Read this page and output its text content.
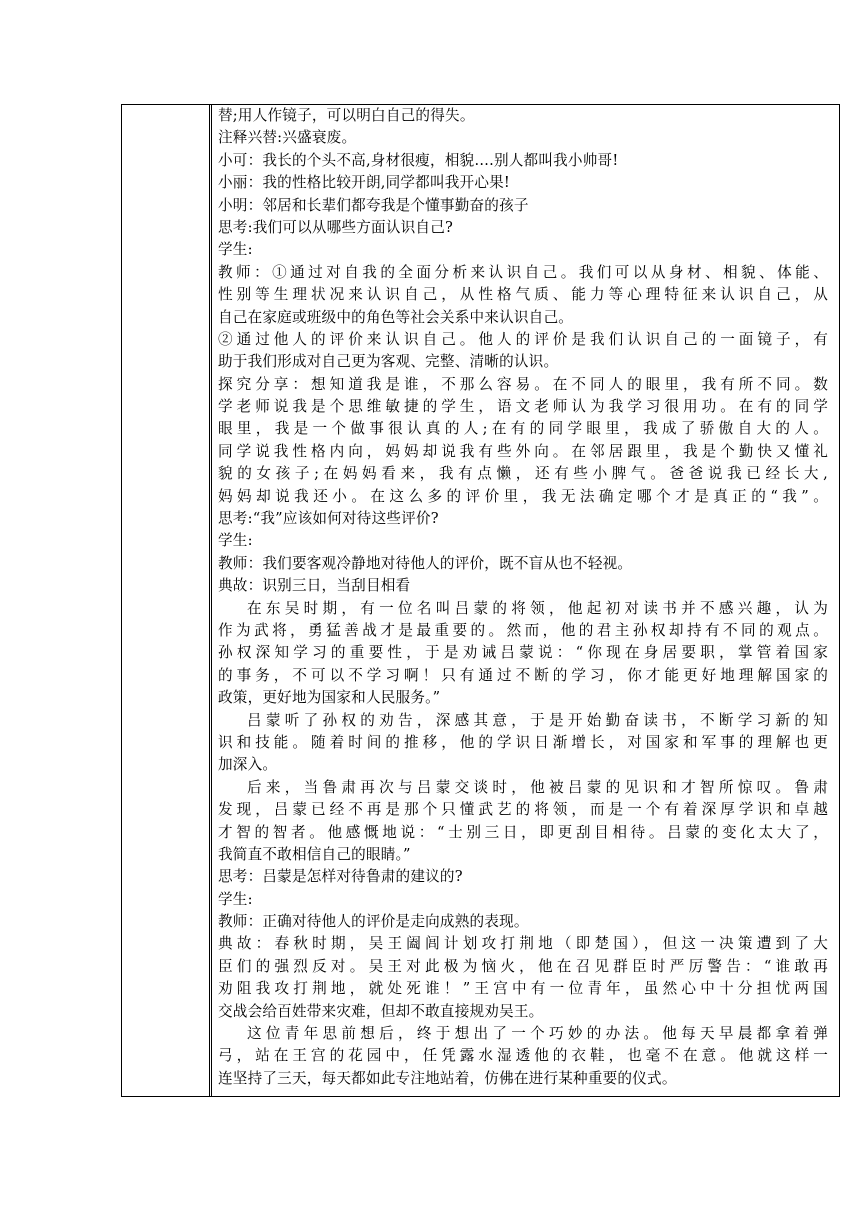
替;用人作镜子，可以明白自己的得失。
注释兴替:兴盛衰废。
小可：我长的个头不高,身材很瘦，相貌….别人都叫我小帅哥!
小丽：我的性格比较开朗,同学都叫我开心果!
小明：邻居和长辈们都夸我是个懂事勤奋的孩子
思考:我们可以从哪些方面认识自己?
学生:
教师：①通过对自我的全面分析来认识自己。我们可以从身材、相貌、体能、
性别等生理状况来认识自己，从性格气质、能力等心理特征来认识自己，从
自己在家庭或班级中的角色等社会关系中来认识自己。
②通过他人的评价来认识自己。他人的评价是我们认识自己的一面镜子，有
助于我们形成对自己更为客观、完整、清晰的认识。
探究分享：想知道我是谁，不那么容易。在不同人的眼里，我有所不同。数
学老师说我是个思维敏捷的学生，语文老师认为我学习很用功。在有的同学
眼里，我是一个做事很认真的人;在有的同学眼里，我成了骄傲自大的人。
同学说我性格内向，妈妈却说我有些外向。在邻居跟里，我是个勤快又懂礼
貌的女孩子;在妈妈看来，我有点懒，还有些小脾气。爸爸说我已经长大,
妈妈却说我还小。在这么多的评价里，我无法确定哪个才是真正的“我”。
思考:“我”应该如何对待这些评价?
学生:
教师：我们要客观冷静地对待他人的评价，既不盲从也不轻视。
典故：识别三日，当刮目相看
在东吴时期，有一位名叫吕蒙的将领，他起初对读书并不感兴趣，认为
作为武将，勇猛善战才是最重要的。然而，他的君主孙权却持有不同的观点。
孙权深知学习的重要性，于是劝诫吕蒙说：“你现在身居要职，掌管着国家
的事务，不可以不学习啊！只有通过不断的学习，你才能更好地理解国家的
政策，更好地为国家和人民服务。”
吕蒙听了孙权的劝告，深感其意，于是开始勤奋读书，不断学习新的知
识和技能。随着时间的推移，他的学识日渐增长，对国家和军事的理解也更
加深入。
后来，当鲁肃再次与吕蒙交谈时，他被吕蒙的见识和才智所惊叹。鲁肃
发现，吕蒙已经不再是那个只懂武艺的将领，而是一个有着深厚学识和卓越
才智的智者。他感慨地说：“士别三日，即更刮目相待。吕蒙的变化太大了，
我简直不敢相信自己的眼睛。”
思考：吕蒙是怎样对待鲁肃的建议的?
学生:
教师：正确对待他人的评价是走向成熟的表现。
典故：春秋时期，吴王阖闾计划攻打荆地（即楚国），但这一决策遭到了大
臣们的强烈反对。吴王对此极为恼火，他在召见群臣时严厉警告：“谁敢再
劝阻我攻打荆地，就处死谁！”王宫中有一位青年，虽然心中十分担忧两国
交战会给百姓带来灾难，但却不敢直接规劝吴王。
这位青年思前想后，终于想出了一个巧妙的办法。他每天早晨都拿着弹
弓，站在王宫的花园中，任凭露水湿透他的衣鞋，也毫不在意。他就这样一
连坚持了三天，每天都如此专注地站着，仿佛在进行某种重要的仪式。
